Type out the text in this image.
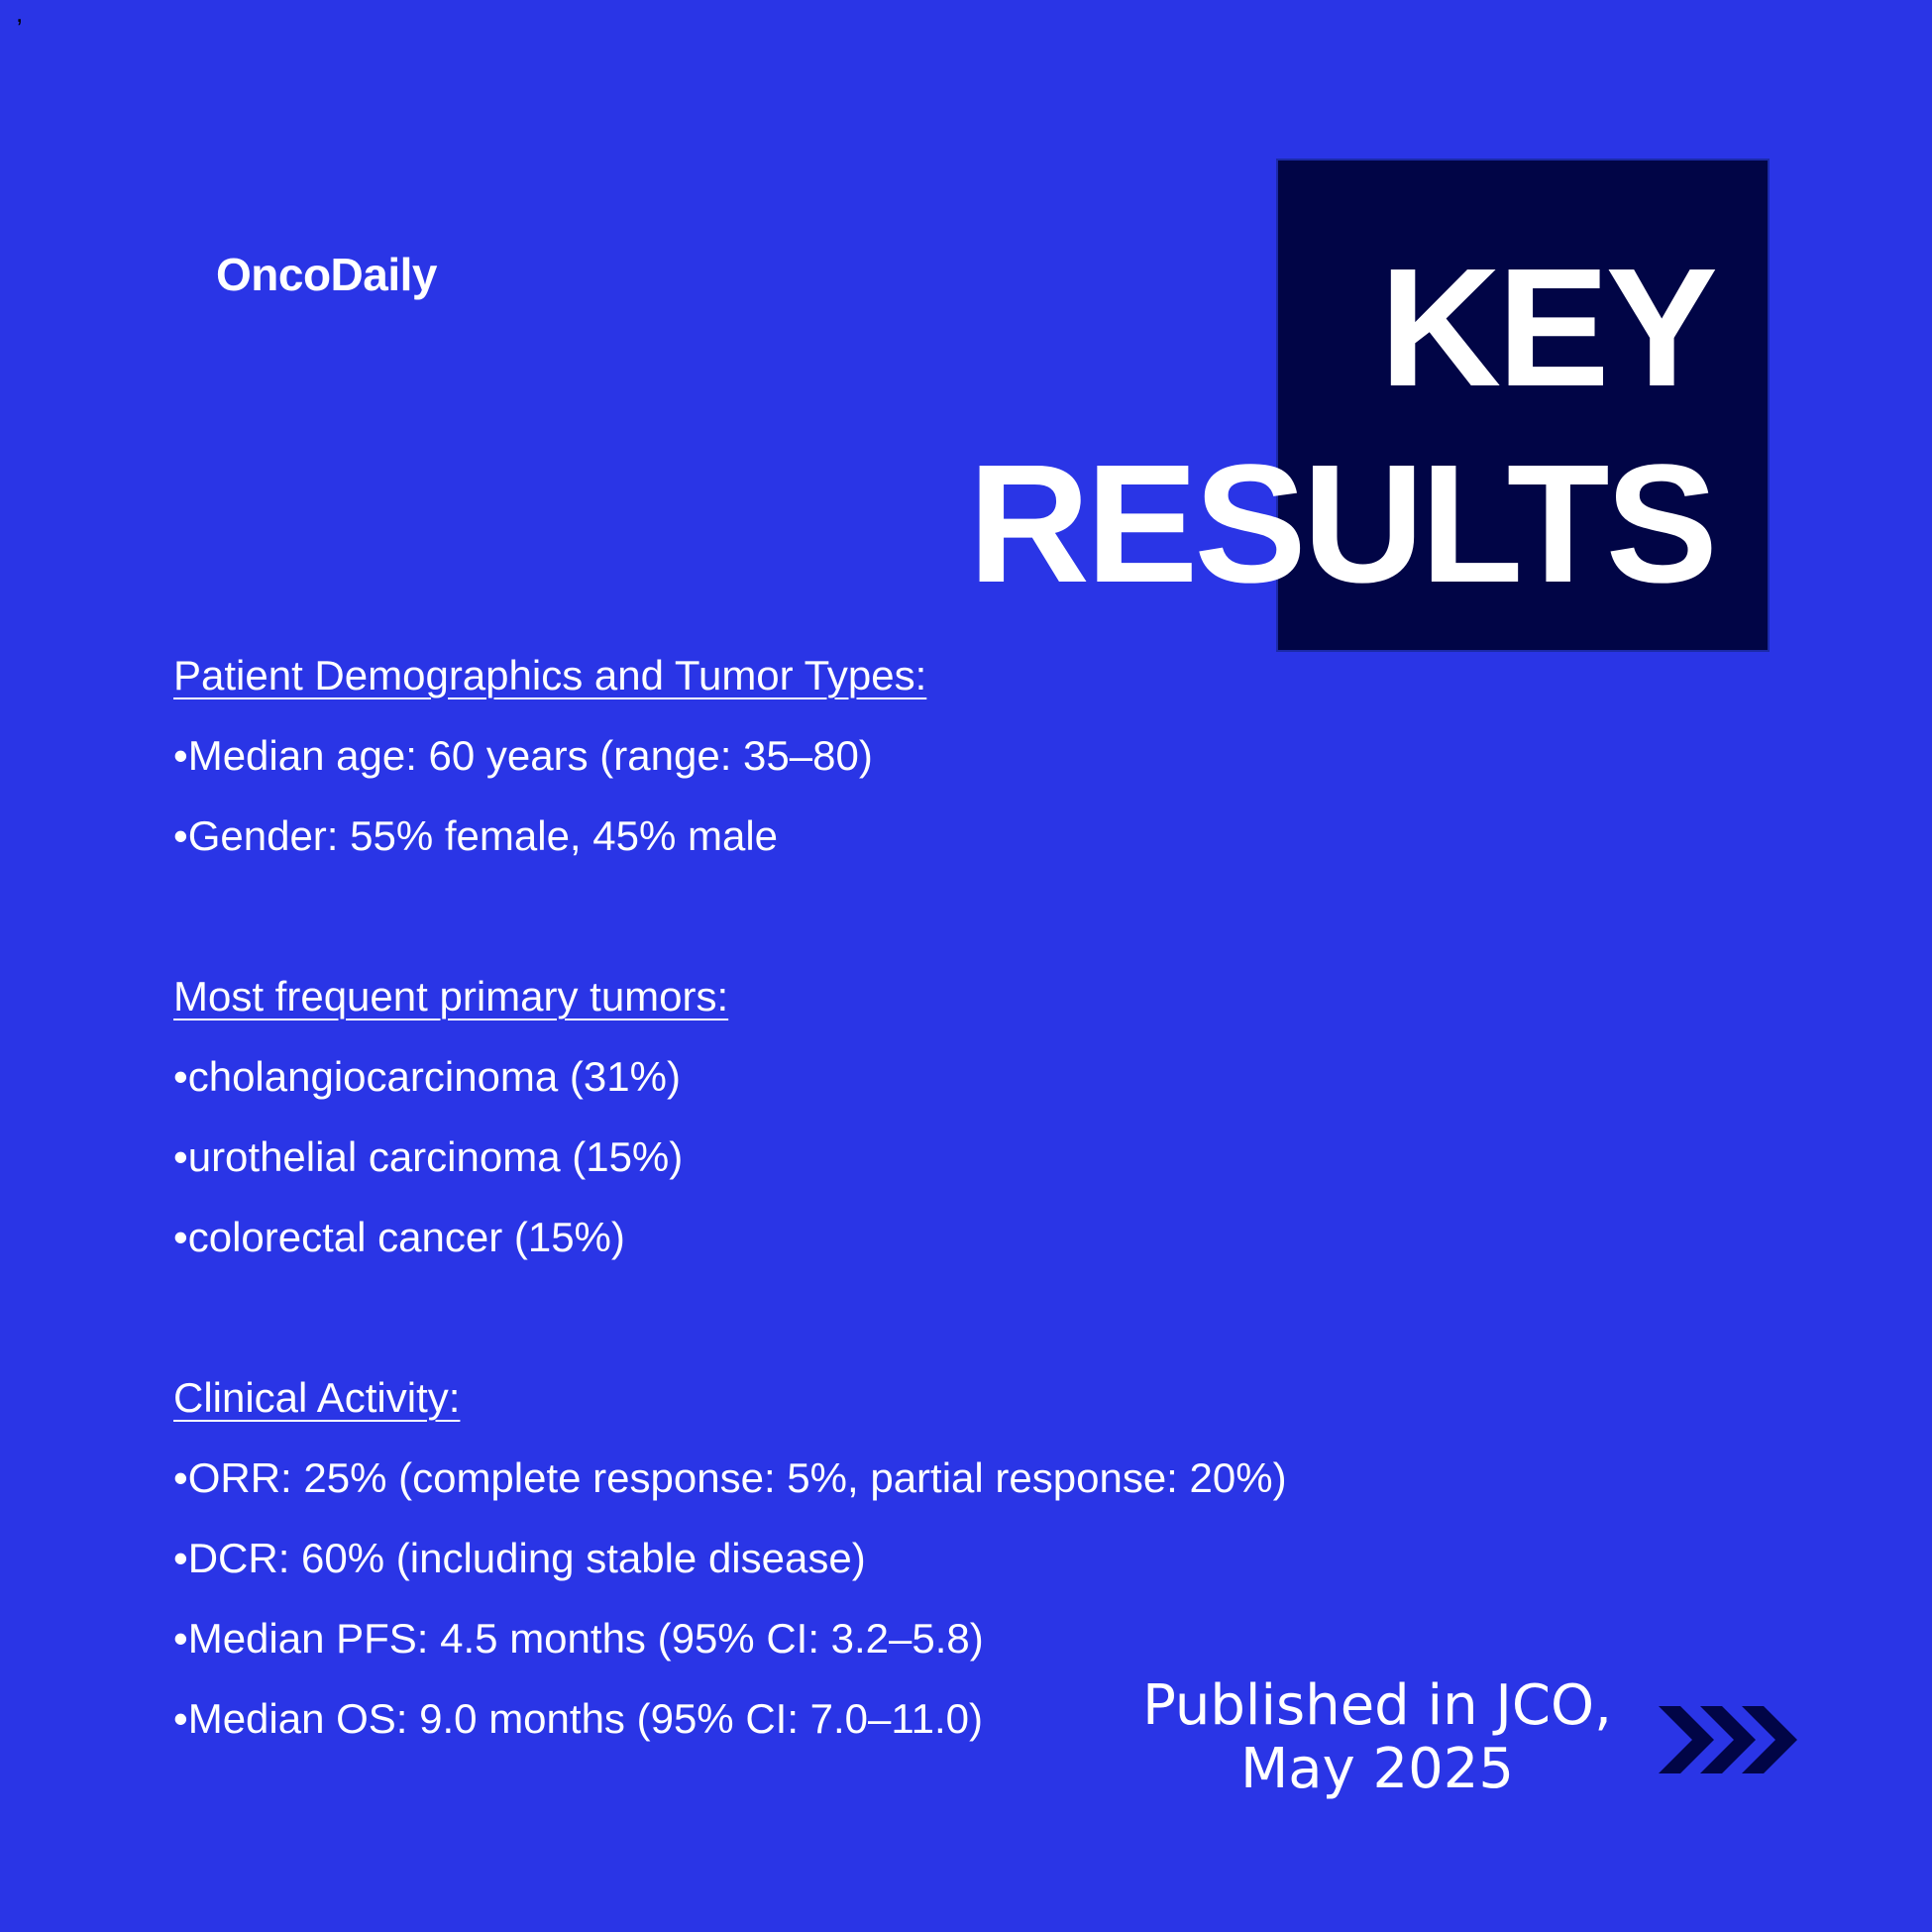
,
OncoDaily	KEY
RESULTS
Patient Demographics and Tumor Types:
•Median age: 60 years (range: 35–80)
•Gender: 55% female, 45% male
Most frequent primary tumors:
•cholangiocarcinoma (31%)
•urothelial carcinoma (15%)
•colorectal cancer (15%)
Clinical Activity:
•ORR: 25% (complete response: 5%, partial response: 20%)
•DCR: 60% (including stable disease)
•Median PFS: 4.5 months (95% CI: 3.2–5.8)
•Median OS: 9.0 months (95% CI: 7.0–11.0)	Published in JCO,
May 2025
